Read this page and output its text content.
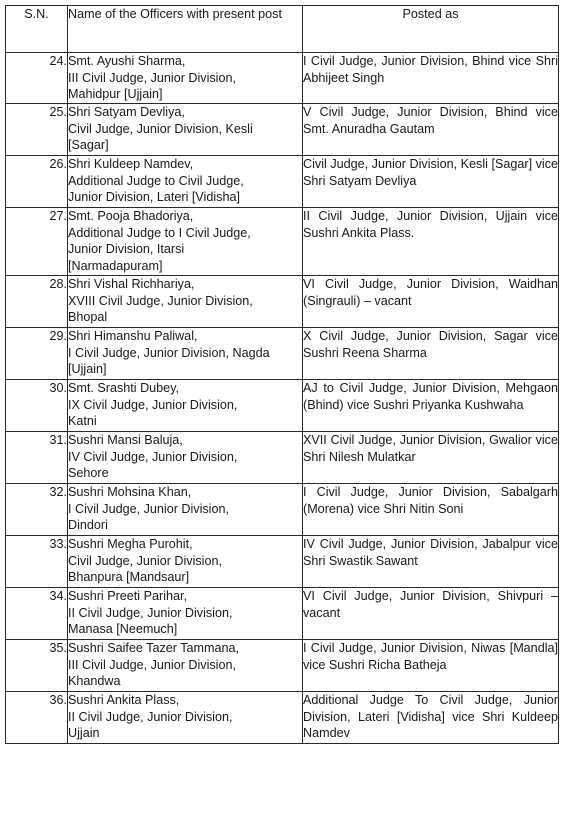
S.N.	Name of the Officers with present post	Posted as
24.	Smt. Ayushi Sharma,
III Civil Judge, Junior Division,
Mahidpur [Ujjain]	I Civil Judge, Junior Division, Bhind vice Shri Abhijeet Singh
25.	Shri Satyam Devliya,
Civil Judge, Junior Division, Kesli
[Sagar]	V Civil Judge, Junior Division, Bhind vice Smt. Anuradha Gautam
26.	Shri Kuldeep Namdev,
Additional Judge to Civil Judge,
Junior Division, Lateri [Vidisha]	Civil Judge, Junior Division, Kesli [Sagar] vice Shri Satyam Devliya
27.	Smt. Pooja Bhadoriya,
Additional Judge to I Civil Judge,
Junior Division, Itarsi
[Narmadapuram]	II Civil Judge, Junior Division, Ujjain vice Sushri Ankita Plass.
28.	Shri Vishal Richhariya,
XVIII Civil Judge, Junior Division,
Bhopal	VI Civil Judge, Junior Division, Waidhan (Singrauli) – vacant
29.	Shri Himanshu Paliwal,
I Civil Judge, Junior Division, Nagda
[Ujjain]	X Civil Judge, Junior Division, Sagar vice Sushri Reena Sharma
30.	Smt. Srashti Dubey,
IX Civil Judge, Junior Division,
Katni	AJ to Civil Judge, Junior Division, Mehgaon (Bhind) vice Sushri Priyanka Kushwaha
31.	Sushri Mansi Baluja,
IV Civil Judge, Junior Division,
Sehore	XVII Civil Judge, Junior Division, Gwalior vice Shri Nilesh Mulatkar
32.	Sushri Mohsina Khan,
I Civil Judge, Junior Division,
Dindori	I Civil Judge, Junior Division, Sabalgarh (Morena) vice Shri Nitin Soni
33.	Sushri Megha Purohit,
Civil Judge, Junior Division,
Bhanpura [Mandsaur]	IV Civil Judge, Junior Division, Jabalpur vice Shri Swastik Sawant
34.	Sushri Preeti Parihar,
II Civil Judge, Junior Division,
Manasa [Neemuch]	VI Civil Judge, Junior Division, Shivpuri – vacant
35.	Sushri Saifee Tazer Tammana,
III Civil Judge, Junior Division,
Khandwa	I Civil Judge, Junior Division, Niwas [Mandla] vice Sushri Richa Batheja
36.	Sushri Ankita Plass,
II Civil Judge, Junior Division,
Ujjain	Additional Judge To Civil Judge, Junior Division, Lateri [Vidisha] vice Shri Kuldeep Namdev
